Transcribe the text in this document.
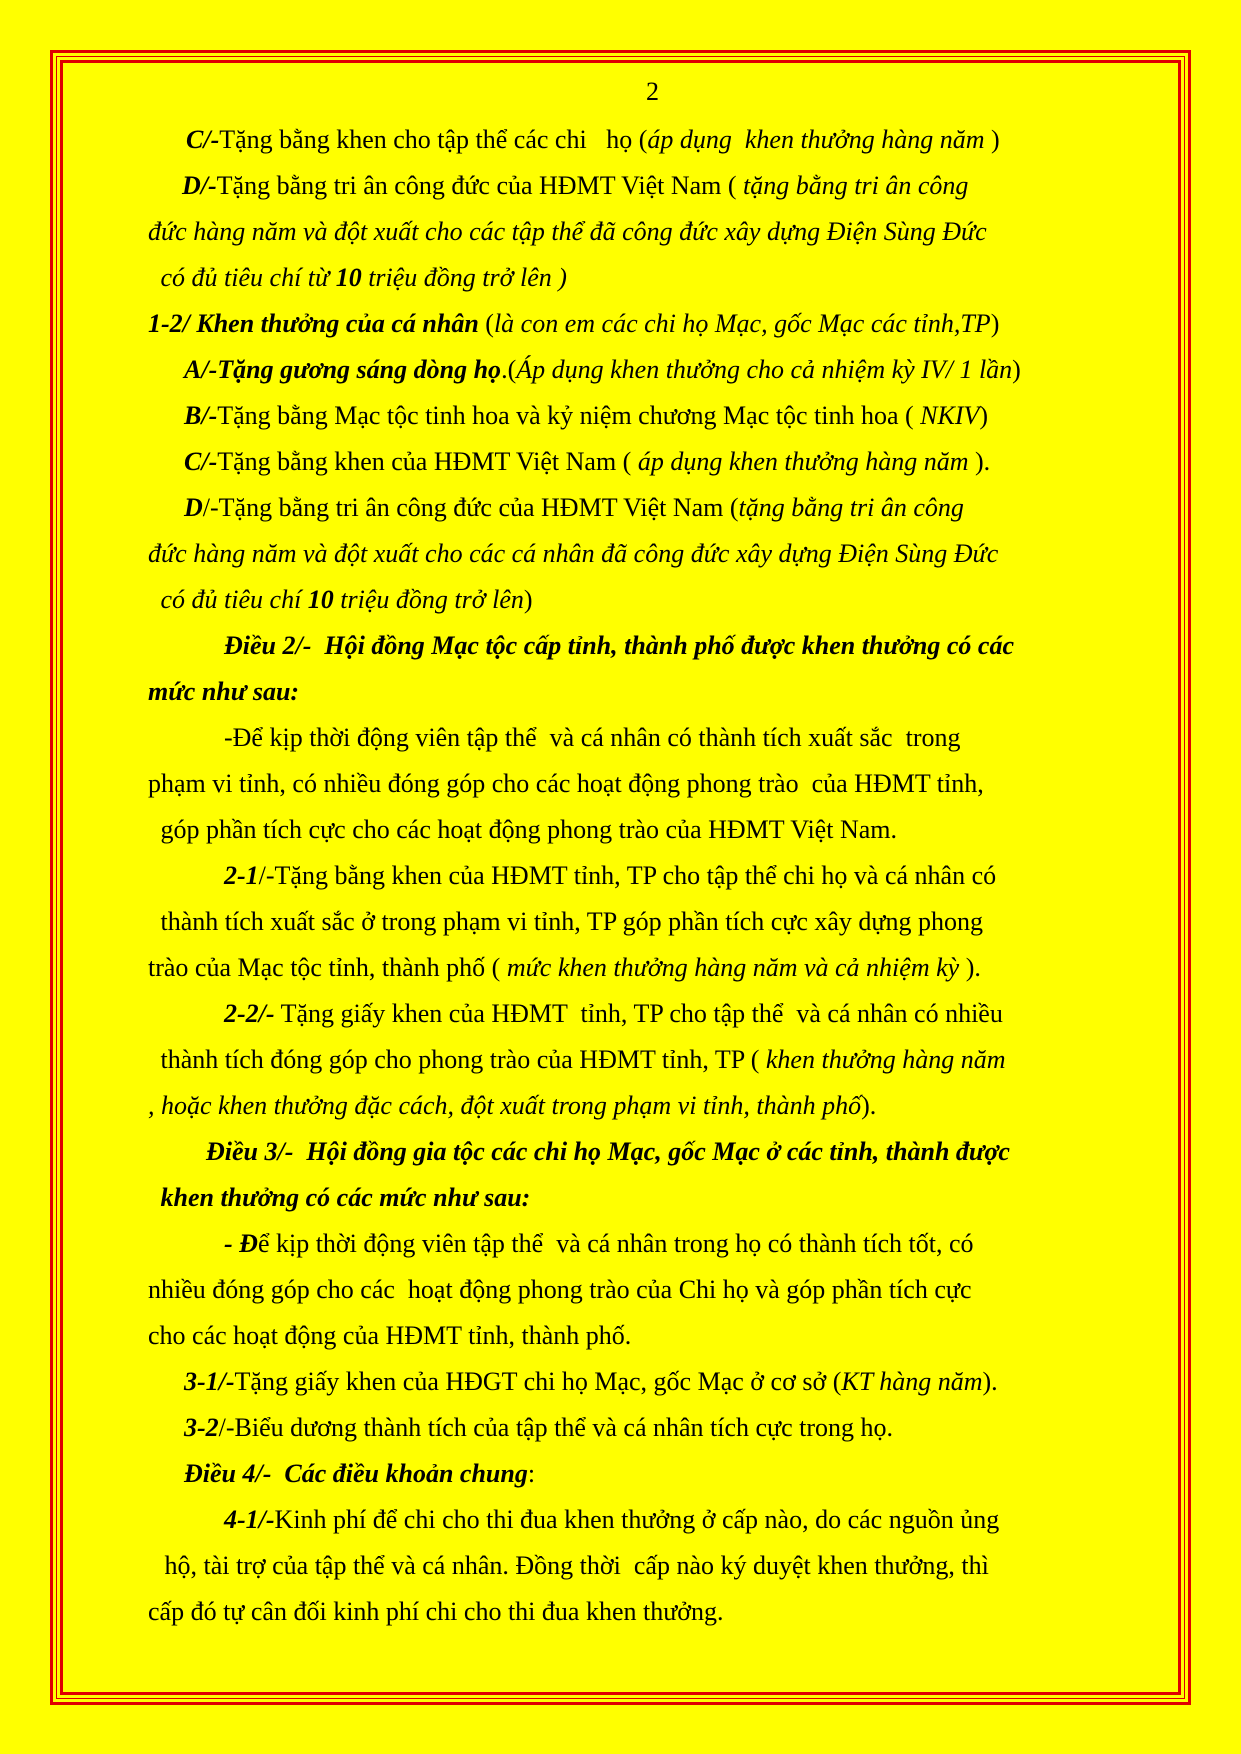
2
C/-Tặng bằng khen cho tập thể các chi   họ (áp dụng  khen thưởng hàng năm )
D/-Tặng bằng tri ân công đức của HĐMT Việt Nam ( tặng bằng tri ân công
đức hàng năm và đột xuất cho các tập thể đã công đức xây dựng Điện Sùng Đức
có đủ tiêu chí từ 10 triệu đồng trở lên )
1-2/ Khen thưởng của cá nhân (là con em các chi họ Mạc, gốc Mạc các tỉnh,TP)
A/-Tặng gương sáng dòng họ.(Áp dụng khen thưởng cho cả nhiệm kỳ IV/ 1 lần)
B/-Tặng bằng Mạc tộc tinh hoa và kỷ niệm chương Mạc tộc tinh hoa ( NKIV)
C/-Tặng bằng khen của HĐMT Việt Nam ( áp dụng khen thưởng hàng năm ).
D/-Tặng bằng tri ân công đức của HĐMT Việt Nam (tặng bằng tri ân công
đức hàng năm và đột xuất cho các cá nhân đã công đức xây dựng Điện Sùng Đức
có đủ tiêu chí 10 triệu đồng trở lên)
Điều 2/-  Hội đồng Mạc tộc cấp tỉnh, thành phố được khen thưởng có các
mức như sau:
-Để kịp thời động viên tập thể  và cá nhân có thành tích xuất sắc  trong
phạm vi tỉnh, có nhiều đóng góp cho các hoạt động phong trào  của HĐMT tỉnh,
góp phần tích cực cho các hoạt động phong trào của HĐMT Việt Nam.
2-1/-Tặng bằng khen của HĐMT tỉnh, TP cho tập thể chi họ và cá nhân có
thành tích xuất sắc ở trong phạm vi tỉnh, TP góp phần tích cực xây dựng phong
trào của Mạc tộc tỉnh, thành phố ( mức khen thưởng hàng năm và cả nhiệm kỳ ).
2-2/- Tặng giấy khen của HĐMT  tỉnh, TP cho tập thể  và cá nhân có nhiều
thành tích đóng góp cho phong trào của HĐMT tỉnh, TP ( khen thưởng hàng năm
, hoặc khen thưởng đặc cách, đột xuất trong phạm vi tỉnh, thành phố).
Điều 3/-  Hội đồng gia tộc các chi họ Mạc, gốc Mạc ở các tỉnh, thành được
khen thưởng có các mức như sau:
- Để kịp thời động viên tập thể  và cá nhân trong họ có thành tích tốt, có
nhiều đóng góp cho các  hoạt động phong trào của Chi họ và góp phần tích cực
cho các hoạt động của HĐMT tỉnh, thành phố.
3-1/-Tặng giấy khen của HĐGT chi họ Mạc, gốc Mạc ở cơ sở (KT hàng năm).
3-2/-Biểu dương thành tích của tập thể và cá nhân tích cực trong họ.
Điều 4/-  Các điều khoản chung:
4-1/-Kinh phí để chi cho thi đua khen thưởng ở cấp nào, do các nguồn ủng
hộ, tài trợ của tập thể và cá nhân. Đồng thời  cấp nào ký duyệt khen thưởng, thì
cấp đó tự cân đối kinh phí chi cho thi đua khen thưởng.
